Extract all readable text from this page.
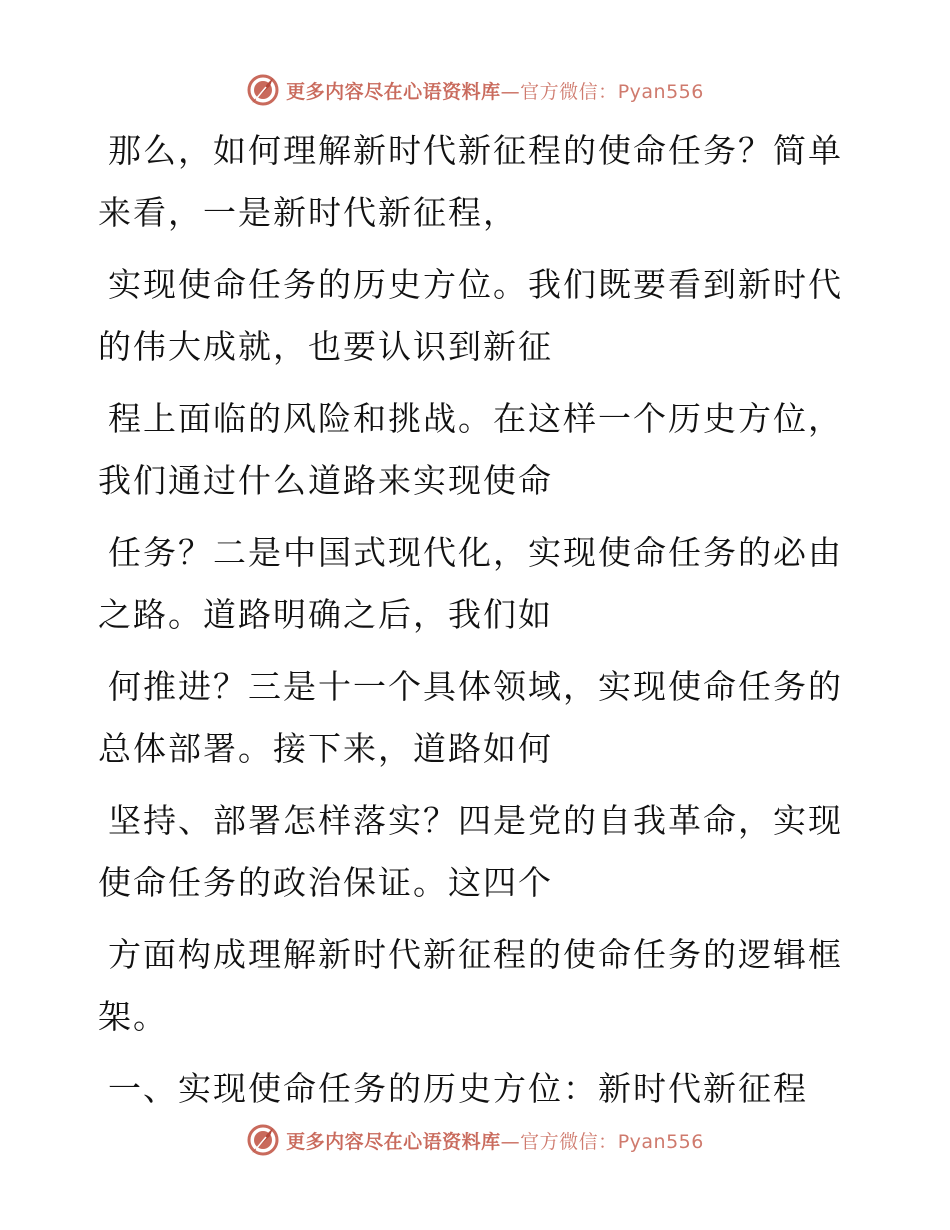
更多内容尽在心语资料库—官方微信：Pyan556
那么，如何理解新时代新征程的使命任务？简单
来看，一是新时代新征程，
实现使命任务的历史方位。我们既要看到新时代
的伟大成就，也要认识到新征
程上面临的风险和挑战。在这样一个历史方位，
我们通过什么道路来实现使命
任务？二是中国式现代化，实现使命任务的必由
之路。道路明确之后，我们如
何推进？三是十一个具体领域，实现使命任务的
总体部署。接下来，道路如何
坚持、部署怎样落实？四是党的自我革命，实现
使命任务的政治保证。这四个
方面构成理解新时代新征程的使命任务的逻辑框
架。
一、实现使命任务的历史方位：新时代新征程
更多内容尽在心语资料库—官方微信：Pyan556
